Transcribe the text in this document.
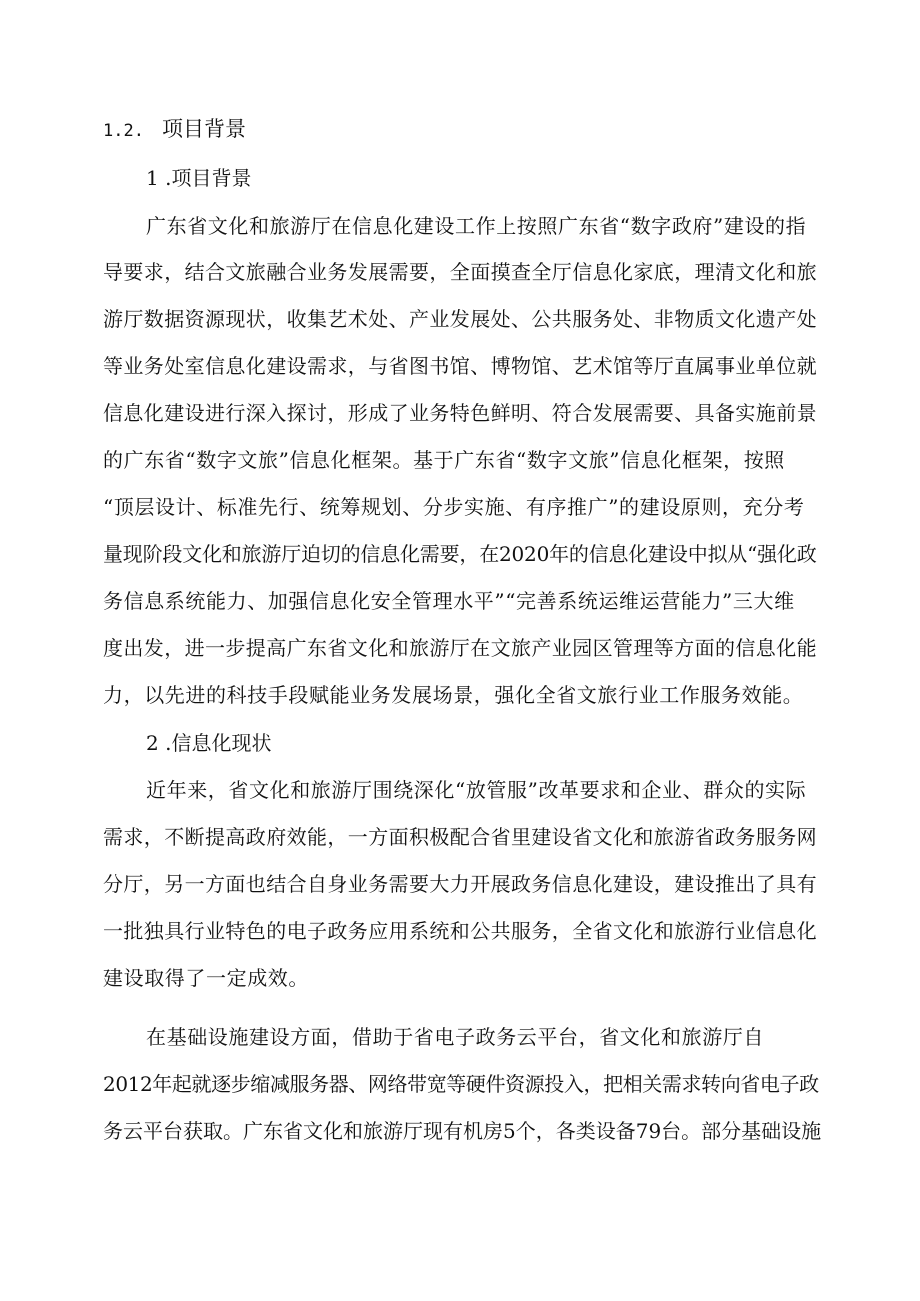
1.2. 项目背景
1 .项目背景
广东省文化和旅游厅在信息化建设工作上按照广东省“数字政府”建设的指
导要求，结合文旅融合业务发展需要，全面摸查全厅信息化家底，理清文化和旅
游厅数据资源现状，收集艺术处、产业发展处、公共服务处、非物质文化遗产处
等业务处室信息化建设需求，与省图书馆、博物馆、艺术馆等厅直属事业单位就
信息化建设进行深入探讨，形成了业务特色鲜明、符合发展需要、具备实施前景
的广东省“数字文旅”信息化框架。基于广东省“数字文旅”信息化框架，按照
“顶层设计、标准先行、统筹规划、分步实施、有序推广”的建设原则，充分考
量现阶段文化和旅游厅迫切的信息化需要，在2020年的信息化建设中拟从“强化政
务信息系统能力、加强信息化安全管理水平”“完善系统运维运营能力”三大维
度出发，进一步提高广东省文化和旅游厅在文旅产业园区管理等方面的信息化能
力，以先进的科技手段赋能业务发展场景，强化全省文旅行业工作服务效能。
2 .信息化现状
近年来，省文化和旅游厅围绕深化“放管服”改革要求和企业、群众的实际
需求，不断提高政府效能，一方面积极配合省里建设省文化和旅游省政务服务网
分厅，另一方面也结合自身业务需要大力开展政务信息化建设，建设推出了具有
一批独具行业特色的电子政务应用系统和公共服务，全省文化和旅游行业信息化
建设取得了一定成效。
在基础设施建设方面，借助于省电子政务云平台，省文化和旅游厅自
2012年起就逐步缩减服务器、网络带宽等硬件资源投入，把相关需求转向省电子政
务云平台获取。广东省文化和旅游厅现有机房5个，各类设备79台。部分基础设施
